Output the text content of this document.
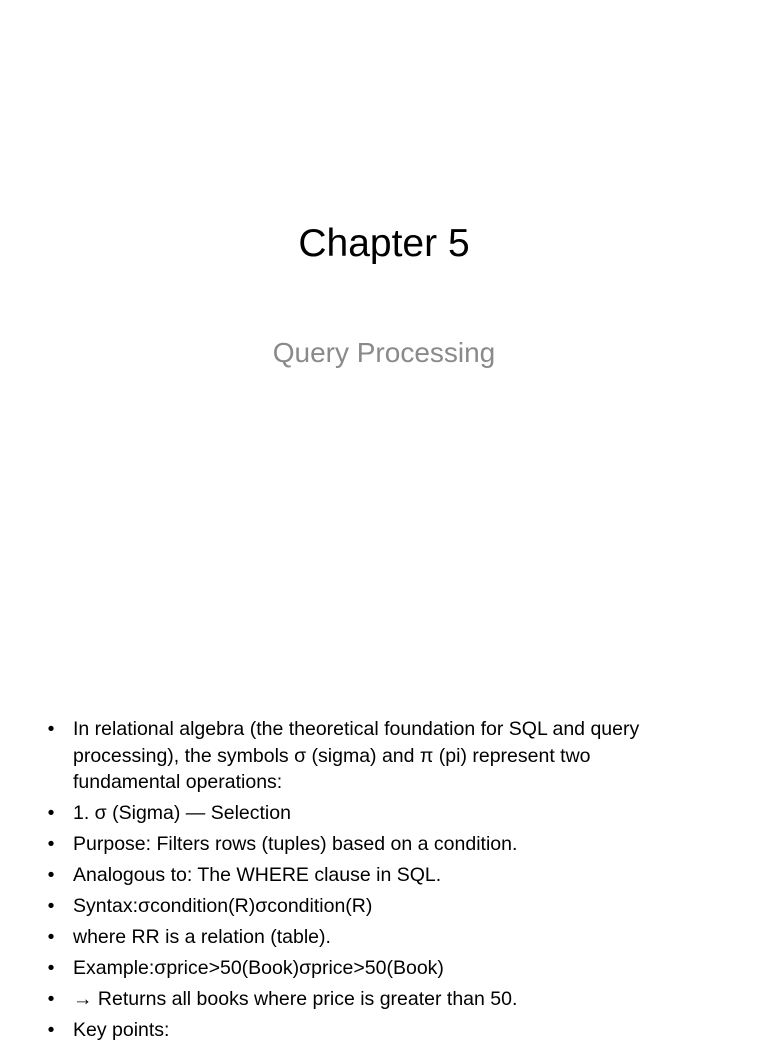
Chapter 5
Query Processing
• In relational algebra (the theoretical foundation for SQL and query processing), the symbols σ (sigma) and π (pi) represent two fundamental operations:
• 1. σ (Sigma) — Selection
• Purpose: Filters rows (tuples) based on a condition.
• Analogous to: The WHERE clause in SQL.
• Syntax:σcondition(R)σcondition(R)
• where RR is a relation (table).
• Example:σprice>50(Book)σprice>50(Book)
• → Returns all books where price is greater than 50.
• Key points:
